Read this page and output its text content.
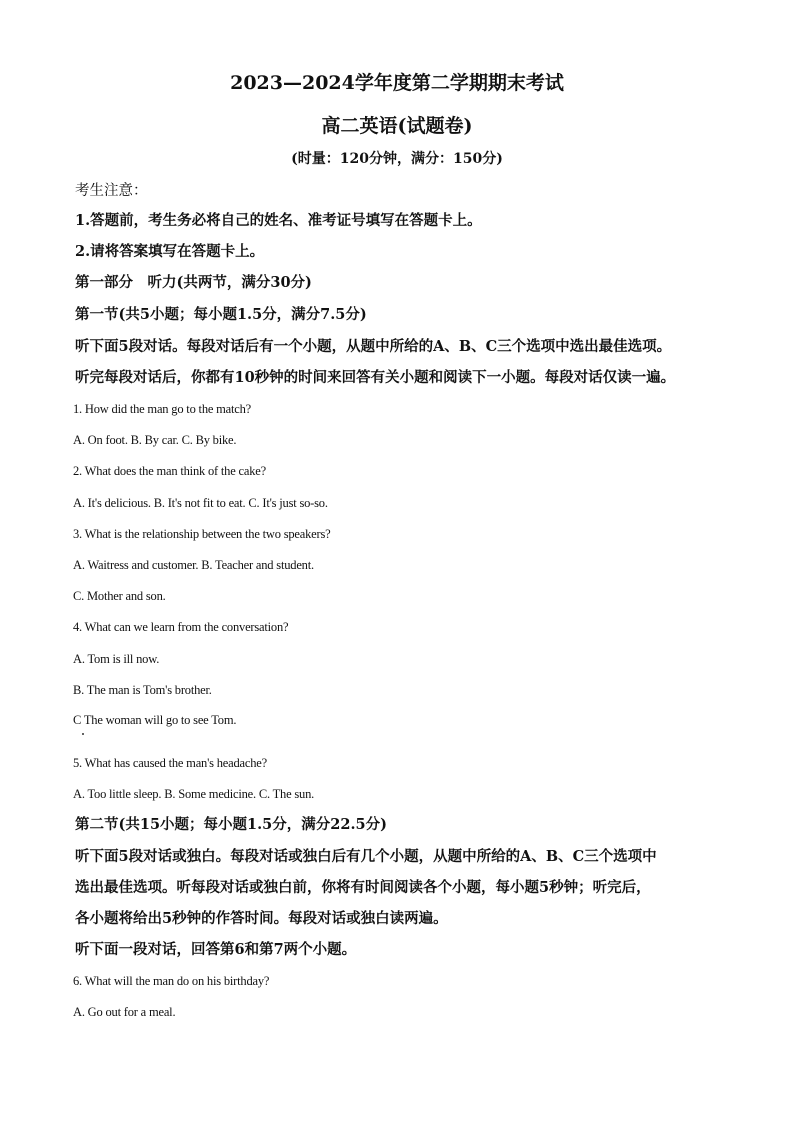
2023—2024学年度第二学期期末考试
高二英语(试题卷)
(时量：120分钟，满分：150分)
考生注意：
1.答题前，考生务必将自己的姓名、准考证号填写在答题卡上。
2.请将答案填写在答题卡上。
第一部分　听力(共两节，满分30分)
第一节(共5小题；每小题1.5分，满分7.5分)
听下面5段对话。每段对话后有一个小题，从题中所给的A、B、C三个选项中选出最佳选项。
听完每段对话后，你都有10秒钟的时间来回答有关小题和阅读下一小题。每段对话仅读一遍。
1. How did the man go to the match?
A. On foot. B. By car. C. By bike.
2. What does the man think of the cake?
A. It's delicious. B. It's not fit to eat. C. It's just so-so.
3. What is the relationship between the two speakers?
A. Waitress and customer. B. Teacher and student.
C. Mother and son.
4. What can we learn from the conversation?
A. Tom is ill now.
B. The man is Tom's brother.
C The woman will go to see Tom.
5. What has caused the man's headache?
A. Too little sleep. B. Some medicine. C. The sun.
第二节(共15小题；每小题1.5分，满分22.5分)
听下面5段对话或独白。每段对话或独白后有几个小题，从题中所给的A、B、C三个选项中
选出最佳选项。听每段对话或独白前，你将有时间阅读各个小题，每小题5秒钟；听完后，
各小题将给出5秒钟的作答时间。每段对话或独白读两遍。
听下面一段对话，回答第6和第7两个小题。
6. What will the man do on his birthday?
A. Go out for a meal.
